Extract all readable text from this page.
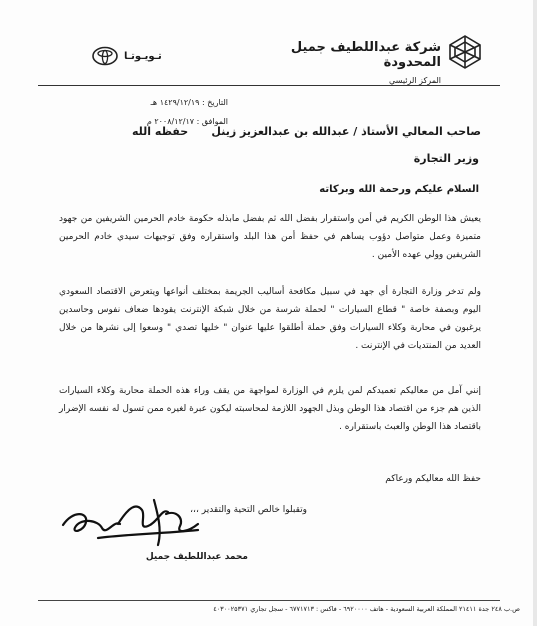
شركة عبداللطيف جميل المحدودة
المركز الرئيسي
تـويـوتـا
التاريخ : ١٤٢٩/١٢/١٩ هـ
الموافق : ٢٠٠٨/١٢/١٧ م
صاحب المعالي الأستاذ / عبدالله بن عبدالعزيز زينل
حفظه الله
وزير التجارة
السلام عليكم ورحمة الله وبركاته
يعيش هذا الوطن الكريم في أمن واستقرار بفضل الله ثم بفضل مابذله حكومة خادم الحرمين الشريفين من جهود متميزة وعمل متواصل دؤوب يساهم في حفظ أمن هذا البلد واستقراره وفق توجيهات سيدي خادم الحرمين الشريفين وولي عهده الأمين .
ولم تدخر وزارة التجارة أي جهد في سبيل مكافحة أساليب الجريمة بمختلف أنواعها ويتعرض الاقتصاد السعودي اليوم وبصفة خاصة " قطاع السيارات " لحملة شرسة من خلال شبكة الإنترنت يقودها ضعاف نفوس وحاسدين يرغبون في محاربة وكلاء السيارات وفق حملة أطلقوا عليها عنوان " خليها تصدي " وسعوا إلى نشرها من خلال العديد من المنتديات في الإنترنت .
إنني آمل من معاليكم تعميدكم لمن يلزم في الوزارة لمواجهة من يقف وراء هذه الحملة محاربة وكلاء السيارات الذين هم جزء من اقتصاد هذا الوطن وبذل الجهود اللازمة لمحاسبته ليكون عبرة لغيره ممن تسول له نفسه الإضرار باقتصاد هذا الوطن والعبث باستقراره .
حفظ الله معاليكم ورعاكم
وتقبلوا خالص التحية والتقدير ،،،
محمد عبداللطيف جميل
ص.ب ٢٤٨ جدة ٢١٤١١ المملكة العربية السعودية - هاتف ٦٩٢٠٠٠٠ - فاكس : ٦٧٧١٧١٣ - سجل تجاري ٤٠٣٠٠٢٥٣٧١
